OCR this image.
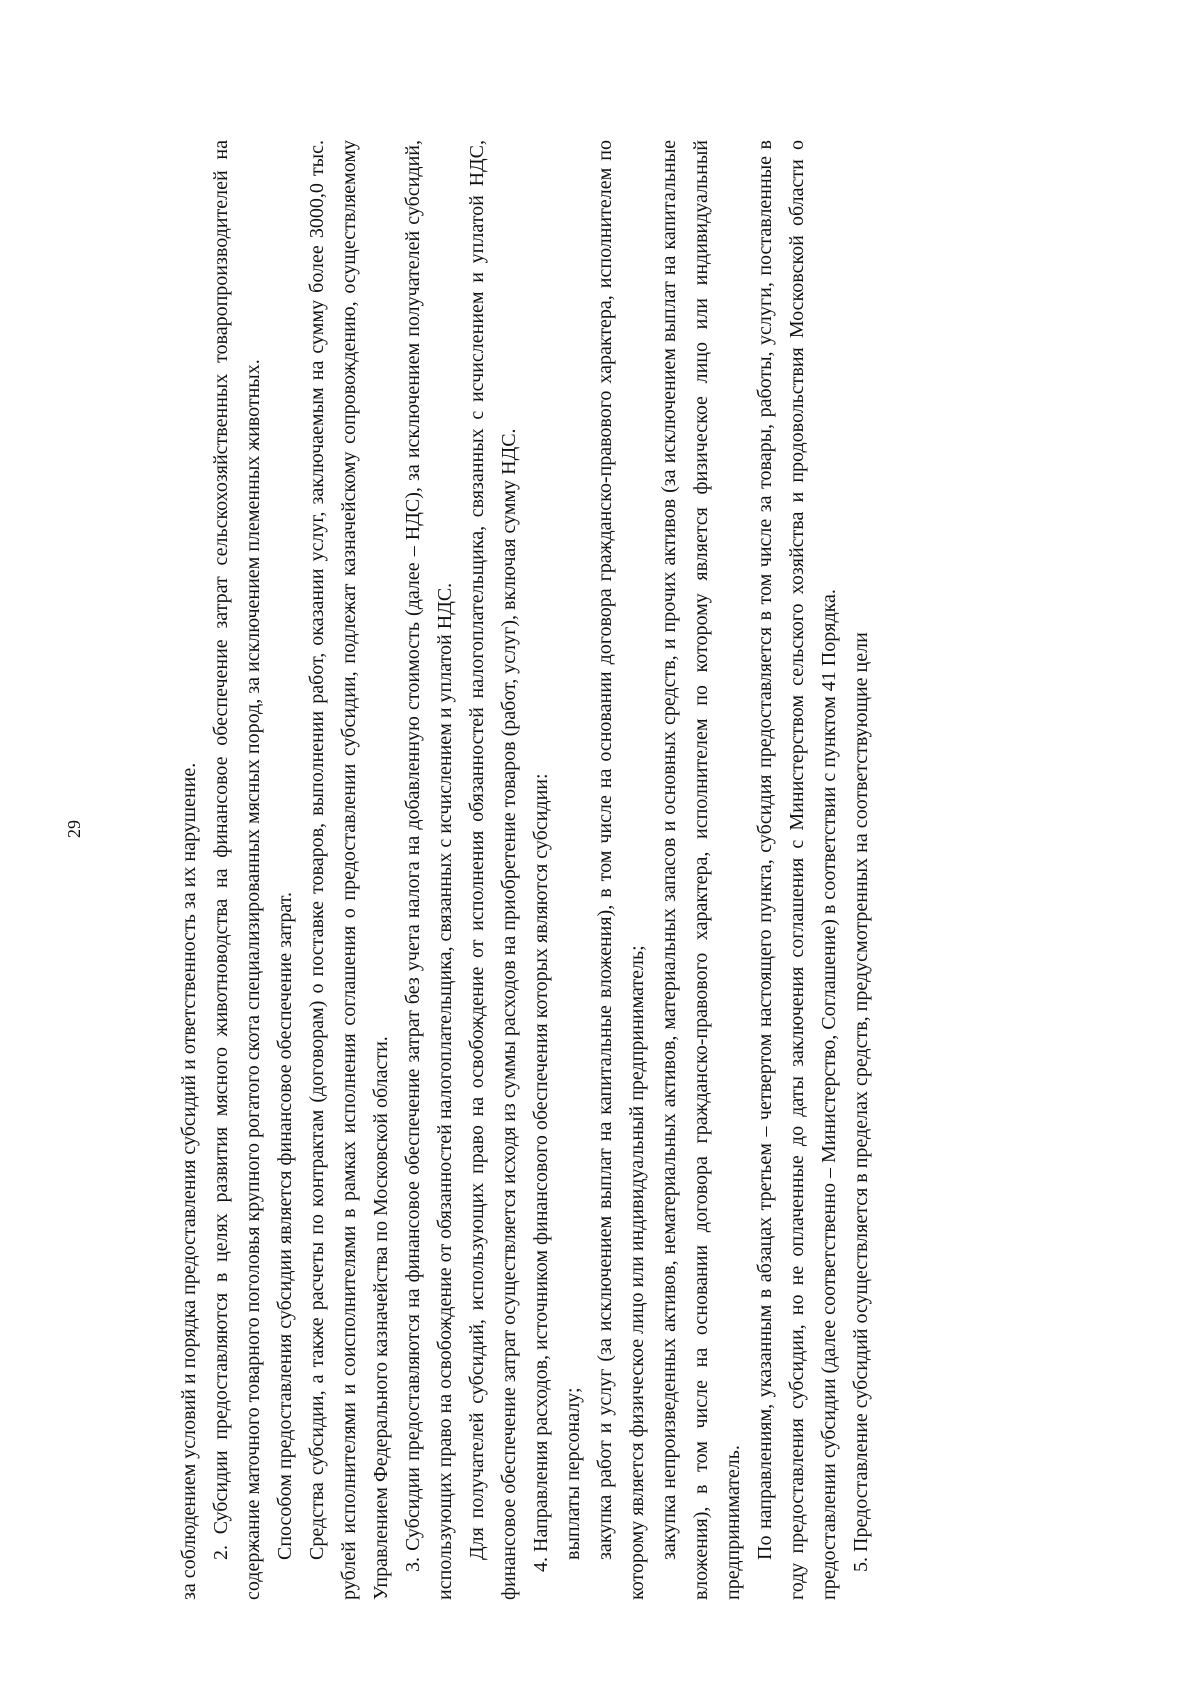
29	за соблюдением условий и порядка предоставления субсидий и ответственность за их нарушение. 2. Субсидии предоставляются в целях развития мясного животноводства на финансовое обеспечение затрат сельскохозяйственных товаропроизводителей на содержание маточного товарного поголовья крупного рогатого скота специализированных мясных пород, за исключением племенных животных. Способом предоставления субсидии является финансовое обеспечение затрат. Средства субсидии, а также расчеты по контрактам (договорам) о поставке товаров, выполнении работ, оказании услуг, заключаемым на сумму более 3000,0 тыс. рублей исполнителями и соисполнителями в рамках исполнения соглашения о предоставлении субсидии, подлежат казначейскому сопровождению, осуществляемому Управлением Федерального казначейства по Московской области. 3. Субсидии предоставляются на финансовое обеспечение затрат без учета налога на добавленную стоимость (далее – НДС), за исключением получателей субсидий, использующих право на освобождение от обязанностей налогоплательщика, связанных с исчислением и уплатой НДС. Для получателей субсидий, использующих право на освобождение от исполнения обязанностей налогоплательщика, связанных с исчислением и уплатой НДС, финансовое обеспечение затрат осуществляется исходя из суммы расходов на приобретение товаров (работ, услуг), включая сумму НДС. 4. Направления расходов, источником финансового обеспечения которых являются субсидии: выплаты персоналу; закупка работ и услуг (за исключением выплат на капитальные вложения), в том числе на основании договора гражданско-правового характера, исполнителем по которому является физическое лицо или индивидуальный предприниматель; закупка непроизведенных активов, нематериальных активов, материальных запасов и основных средств, и прочих активов (за исключением выплат на капитальные вложения), в том числе на основании договора гражданско-правового характера, исполнителем по которому является физическое лицо или индивидуальный предприниматель. По направлениям, указанным в абзацах третьем – четвертом настоящего пункта, субсидия предоставляется в том числе за товары, работы, услуги, поставленные в году предоставления субсидии, но не оплаченные до даты заключения соглашения с Министерством сельского хозяйства и продовольствия Московской области о предоставлении субсидии (далее соответственно – Министерство, Соглашение) в соответствии с пунктом 41 Порядка. 5. Предоставление субсидий осуществляется в пределах средств, предусмотренных на соответствующие цели
